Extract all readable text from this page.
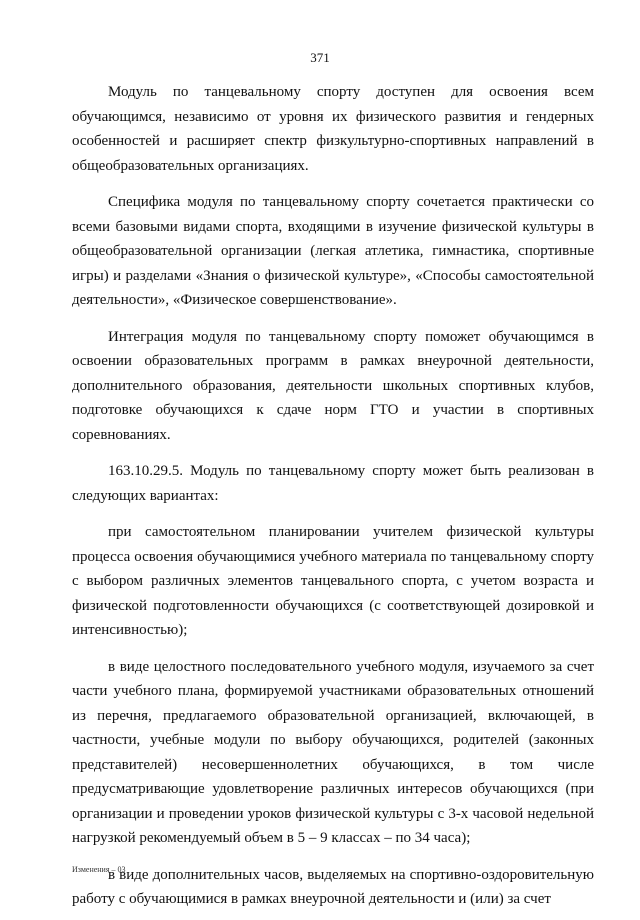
371

Модуль по танцевальному спорту доступен для освоения всем обучающимся, независимо от уровня их физического развития и гендерных особенностей и расширяет спектр физкультурно-спортивных направлений в общеобразовательных организациях.

Специфика модуля по танцевальному спорту сочетается практически со всеми базовыми видами спорта, входящими в изучение физической культуры в общеобразовательной организации (легкая атлетика, гимнастика, спортивные игры) и разделами «Знания о физической культуре», «Способы самостоятельной деятельности», «Физическое совершенствование».

Интеграция модуля по танцевальному спорту поможет обучающимся в освоении образовательных программ в рамках внеурочной деятельности, дополнительного образования, деятельности школьных спортивных клубов, подготовке обучающихся к сдаче норм ГТО и участии в спортивных соревнованиях.

163.10.29.5. Модуль по танцевальному спорту может быть реализован в следующих вариантах:

при самостоятельном планировании учителем физической культуры процесса освоения обучающимися учебного материала по танцевальному спорту с выбором различных элементов танцевального спорта, с учетом возраста и физической подготовленности обучающихся (с соответствующей дозировкой и интенсивностью);

в виде целостного последовательного учебного модуля, изучаемого за счет части учебного плана, формируемой участниками образовательных отношений из перечня, предлагаемого образовательной организацией, включающей, в частности, учебные модули по выбору обучающихся, родителей (законных представителей) несовершеннолетних обучающихся, в том числе предусматривающие удовлетворение различных интересов обучающихся (при организации и проведении уроков физической культуры с 3-х часовой недельной нагрузкой рекомендуемый объем в 5 – 9 классах – по 34 часа);

в виде дополнительных часов, выделяемых на спортивно-оздоровительную работу с обучающимися в рамках внеурочной деятельности и (или) за счет

Изменения – 03
